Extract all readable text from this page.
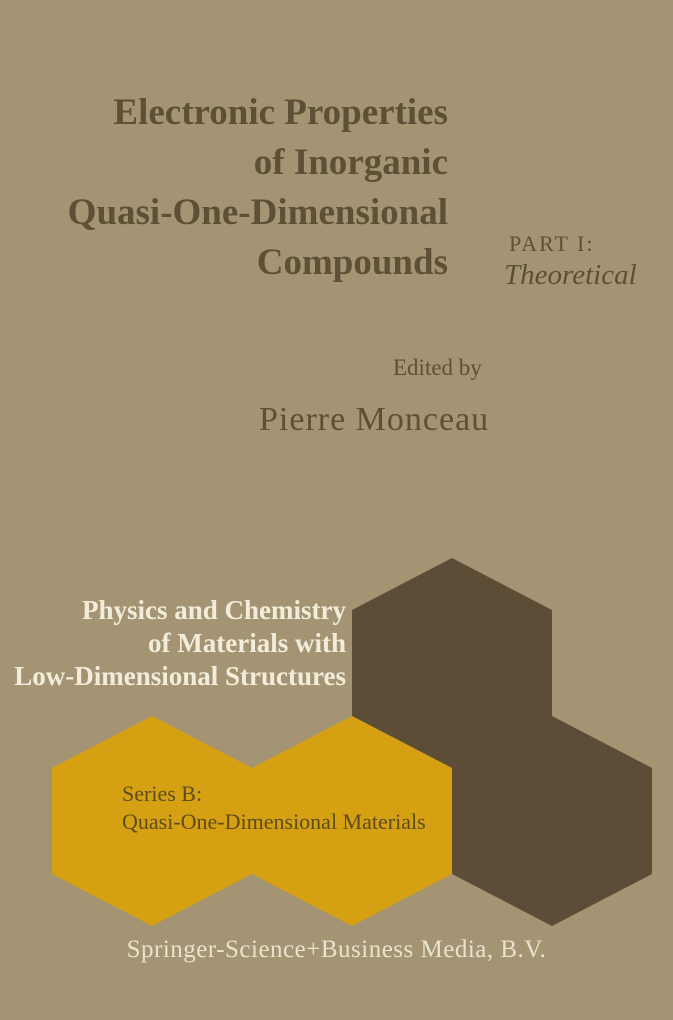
Electronic Properties
of Inorganic
Quasi-One-Dimensional
Compounds	PART I:
Theoretical
Edited by
Pierre Monceau
Physics and Chemistry
of Materials with
Low-Dimensional Structures
Series B:
Quasi-One-Dimensional Materials
Springer-Science+Business Media, B.V.
